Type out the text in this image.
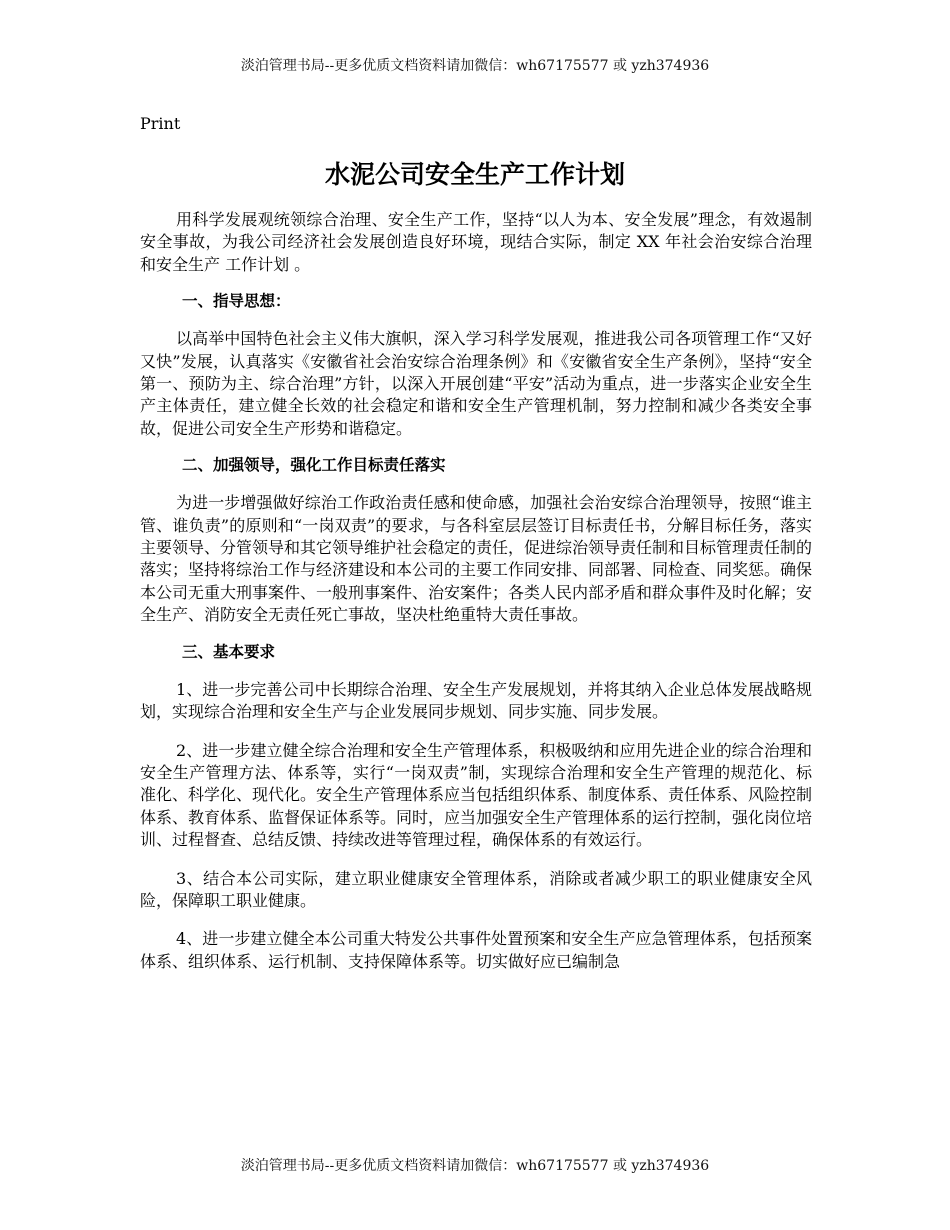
淡泊管理书局--更多优质文档资料请加微信：wh67175577 或 yzh374936
Print
水泥公司安全生产工作计划

用科学发展观统领综合治理、安全生产工作，坚持“以人为本、安全发展”理念，有效遏制安全事故，为我公司经济社会发展创造良好环境，现结合实际，制定 XX 年社会治安综合治理和安全生产 工作计划 。

一、指导思想：

以高举中国特色社会主义伟大旗帜，深入学习科学发展观，推进我公司各项管理工作“又好又快”发展，认真落实《安徽省社会治安综合治理条例》和《安徽省安全生产条例》，坚持“安全第一、预防为主、综合治理”方针，以深入开展创建“平安”活动为重点，进一步落实企业安全生产主体责任，建立健全长效的社会稳定和谐和安全生产管理机制，努力控制和减少各类安全事故，促进公司安全生产形势和谐稳定。

二、加强领导，强化工作目标责任落实

为进一步增强做好综治工作政治责任感和使命感，加强社会治安综合治理领导，按照“谁主管、谁负责”的原则和“一岗双责”的要求，与各科室层层签订目标责任书，分解目标任务，落实主要领导、分管领导和其它领导维护社会稳定的责任，促进综治领导责任制和目标管理责任制的落实；坚持将综治工作与经济建设和本公司的主要工作同安排、同部署、同检查、同奖惩。确保本公司无重大刑事案件、一般刑事案件、治安案件；各类人民内部矛盾和群众事件及时化解；安全生产、消防安全无责任死亡事故，坚决杜绝重特大责任事故。

三、基本要求

1、进一步完善公司中长期综合治理、安全生产发展规划，并将其纳入企业总体发展战略规划，实现综合治理和安全生产与企业发展同步规划、同步实施、同步发展。

2、进一步建立健全综合治理和安全生产管理体系，积极吸纳和应用先进企业的综合治理和安全生产管理方法、体系等，实行“一岗双责”制，实现综合治理和安全生产管理的规范化、标准化、科学化、现代化。安全生产管理体系应当包括组织体系、制度体系、责任体系、风险控制体系、教育体系、监督保证体系等。同时，应当加强安全生产管理体系的运行控制，强化岗位培训、过程督查、总结反馈、持续改进等管理过程，确保体系的有效运行。

3、结合本公司实际，建立职业健康安全管理体系，消除或者减少职工的职业健康安全风险，保障职工职业健康。

4、进一步建立健全本公司重大特发公共事件处置预案和安全生产应急管理体系，包括预案体系、组织体系、运行机制、支持保障体系等。切实做好应已编制急

淡泊管理书局--更多优质文档资料请加微信：wh67175577 或 yzh374936
